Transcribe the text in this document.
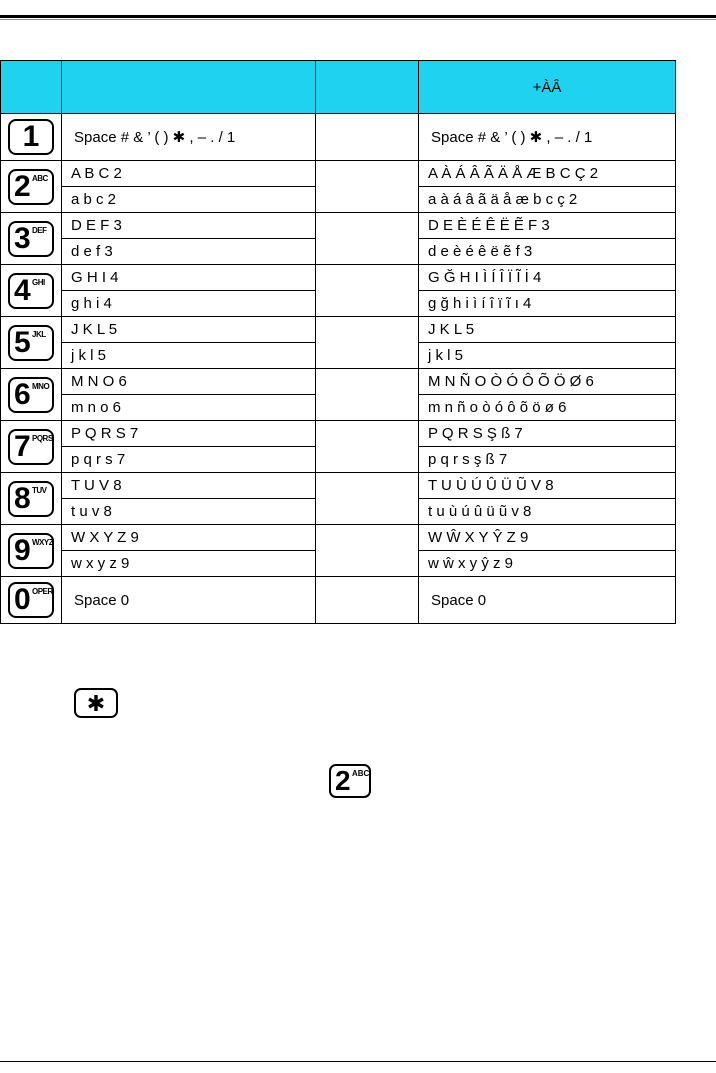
			+ÀÂ

1	Space # & ’ ( ) ✱ , – . / 1		Space # & ’ ( ) ✱ , – . / 1

2 ABC	A B C 2		A À Á Â Ã Ä Å Æ B C Ç 2
	a b c 2		a à á â ã ä å æ b c ç 2

3 DEF	D E F 3		D E È É Ê Ë Ẽ F 3
	d e f 3		d e è é ê ë ẽ f 3

4 GHI	G H I 4		G Ğ H I Ì Í Î Ï Ĩ İ 4
	g h i 4		g ğ h i ì í î ï ĩ ı 4

5 JKL	J K L 5		J K L 5
	j k l 5		j k l 5

6 MNO	M N O 6		M N Ñ O Ò Ó Ô Õ Ö Ø 6
	m n o 6		m n ñ o ò ó ô õ ö ø 6

7 PQRS	P Q R S 7		P Q R S Ş ß 7
	p q r s 7		p q r s ş ß 7

8 TUV	T U V 8		T U Ù Ú Û Ü Ũ V 8
	t u v 8		t u ù ú û ü ũ v 8

9 WXYZ	W X Y Z 9		W Ŵ X Y Ŷ Z 9
	w x y z 9		w ŵ x y ŷ z 9

0 OPER	Space 0		Space 0
✱
2 ABC
